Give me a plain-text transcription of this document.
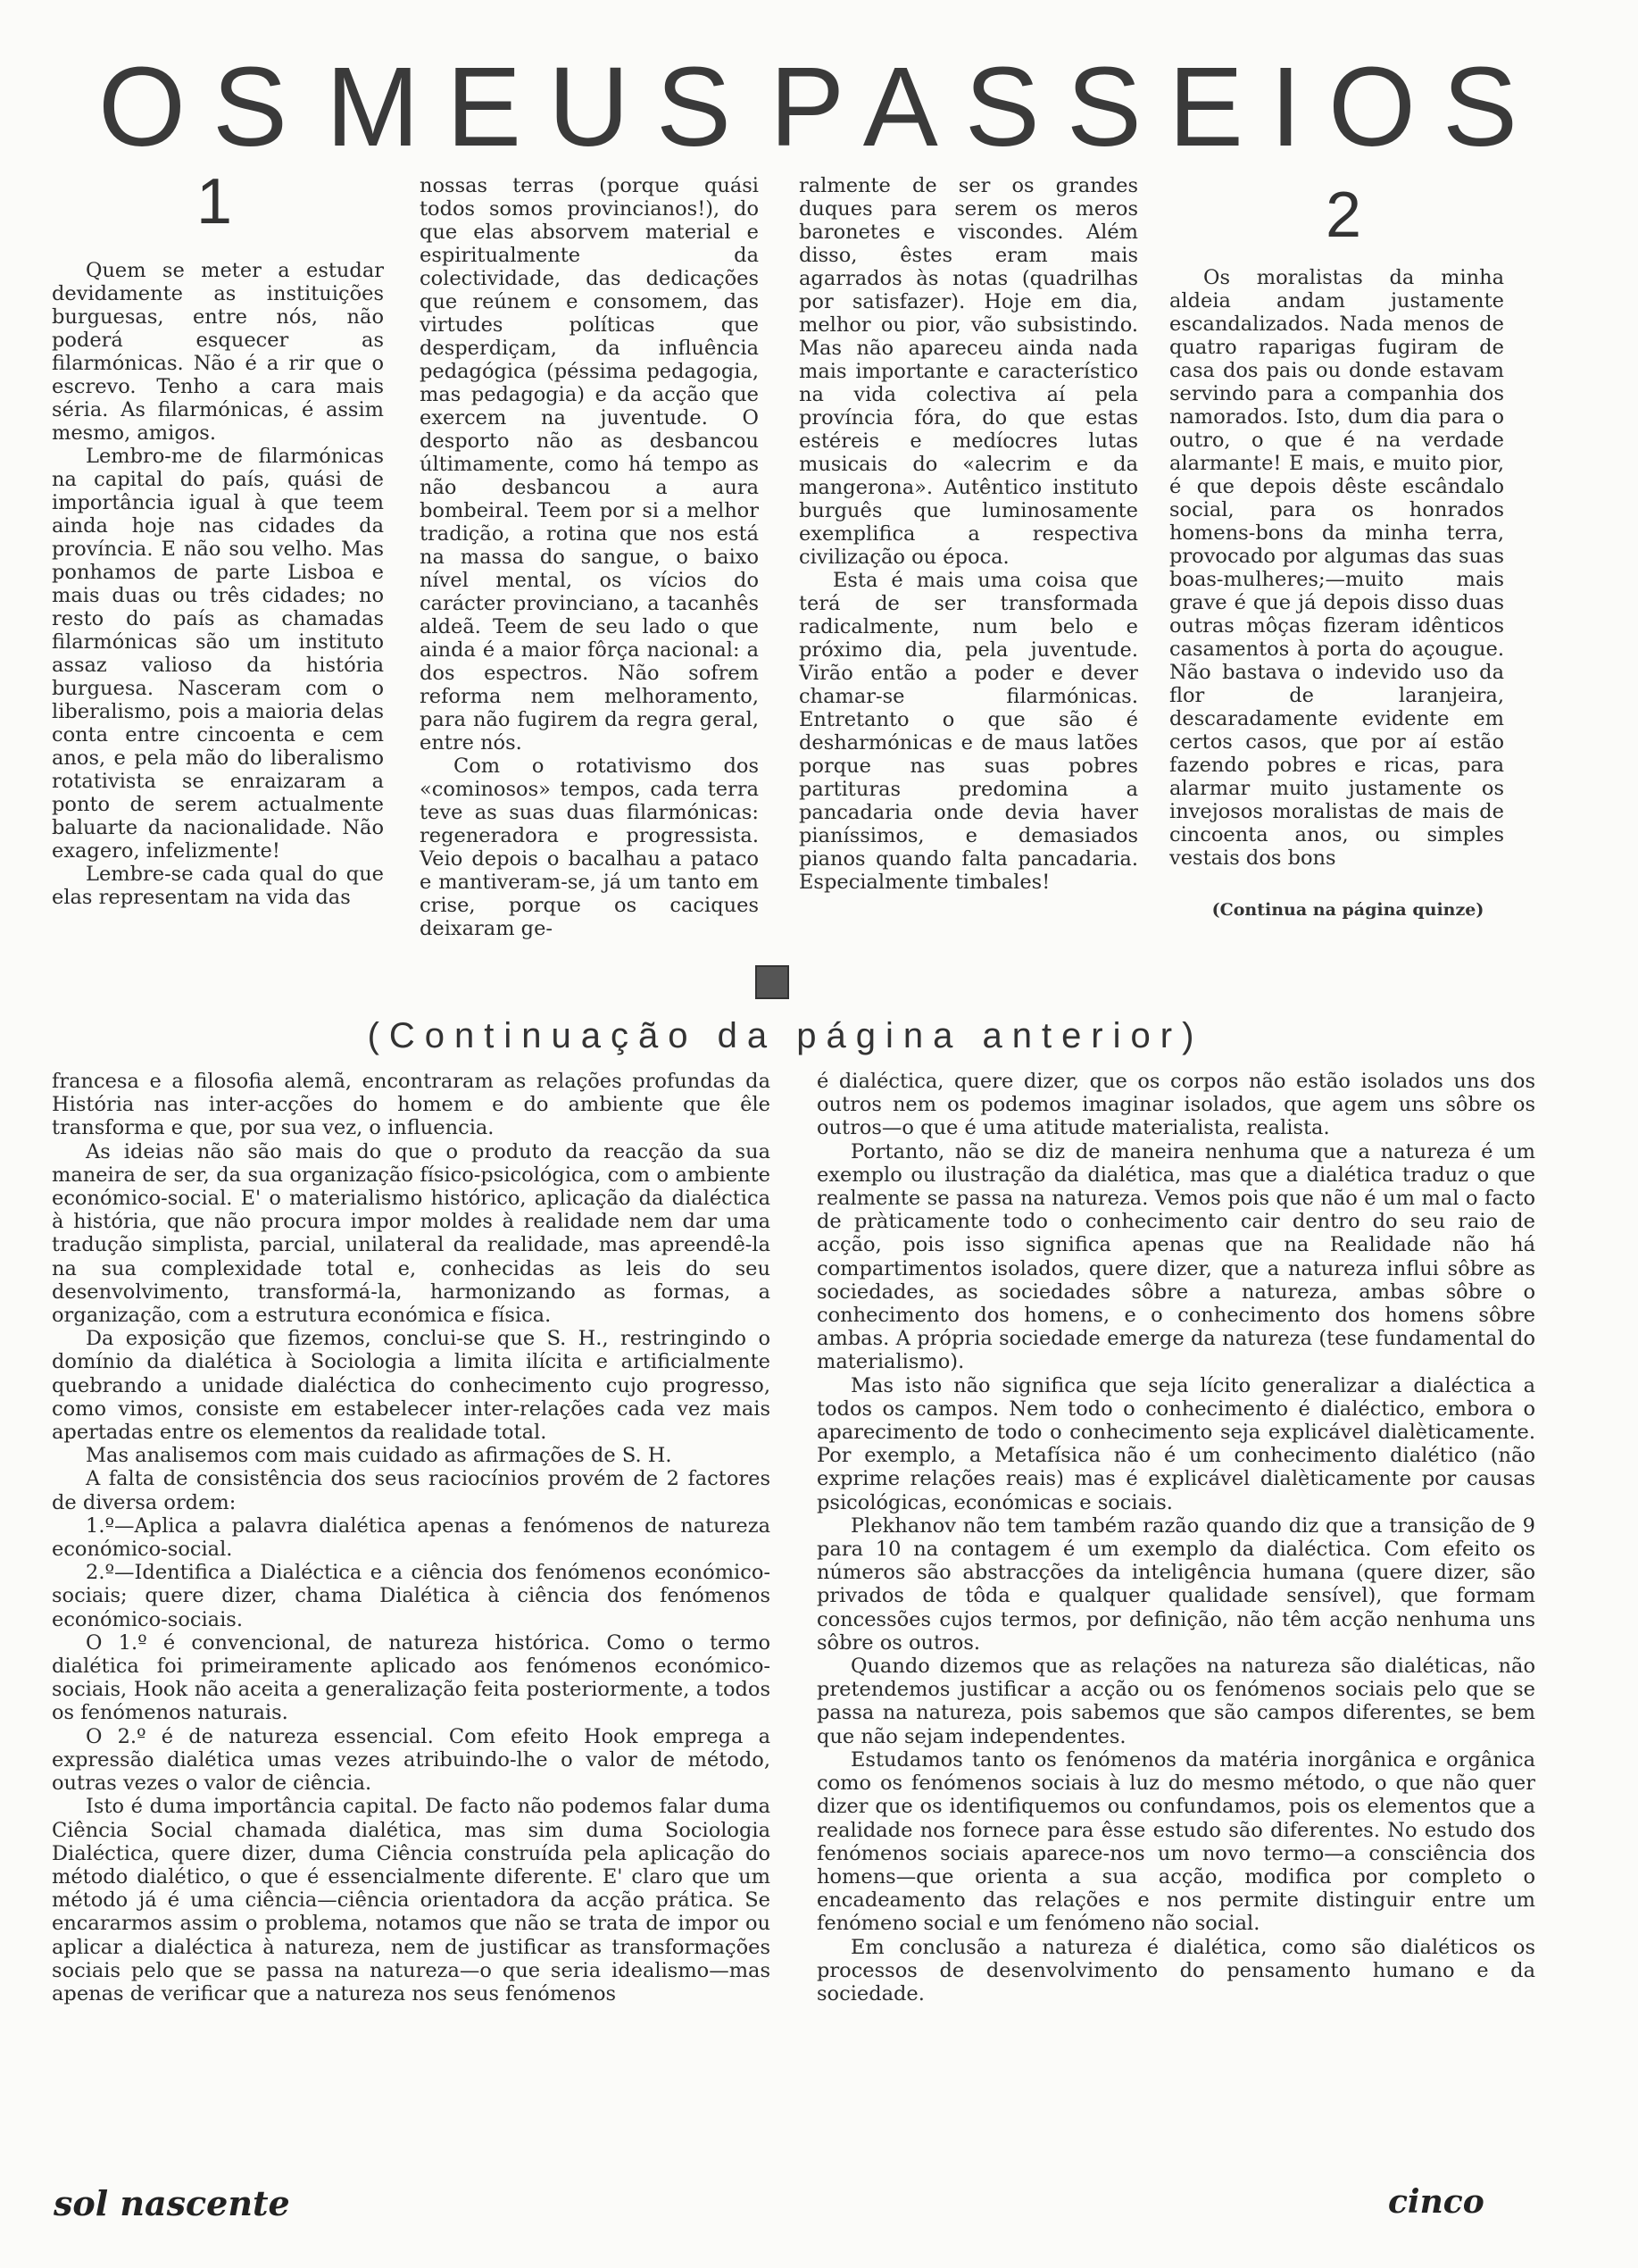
OS MEUS PASSEIOS
1	2

Quem se meter a estudar devidamente as instituições burguesas, entre nós, não poderá esquecer as filarmónicas. Não é a rir que o escrevo. Tenho a cara mais séria. As filarmónicas, é assim mesmo, amigos.

Lembro-me de filarmónicas na capital do país, quási de importância igual à que teem ainda hoje nas cidades da província. E não sou velho. Mas ponhamos de parte Lisboa e mais duas ou três cidades; no resto do país as chamadas filarmónicas são um instituto assaz valioso da história burguesa. Nasceram com o liberalismo, pois a maioria delas conta entre cincoenta e cem anos, e pela mão do liberalismo rotativista se enraizaram a ponto de serem actualmente baluarte da nacionalidade. Não exagero, infelizmente!

Lembre-se cada qual do que elas representam na vida das

nossas terras (porque quási todos somos provincianos!), do que elas absorvem material e espiritualmente da colectividade, das dedicações que reúnem e consomem, das virtudes políticas que desperdiçam, da influência pedagógica (péssima pedagogia, mas pedagogia) e da acção que exercem na juventude. O desporto não as desbancou últimamente, como há tempo as não desbancou a aura bombeiral. Teem por si a melhor tradição, a rotina que nos está na massa do sangue, o baixo nível mental, os vícios do carácter provinciano, a tacanhês aldeã. Teem de seu lado o que ainda é a maior fôrça nacional: a dos espectros. Não sofrem reforma nem melhoramento, para não fugirem da regra geral, entre nós.

Com o rotativismo dos «cominosos» tempos, cada terra teve as suas duas filarmónicas: regeneradora e progressista. Veio depois o bacalhau a pataco e mantiveram-se, já um tanto em crise, porque os caciques deixaram ge-

ralmente de ser os grandes duques para serem os meros baronetes e viscondes. Além disso, êstes eram mais agarrados às notas (quadrilhas por satisfazer). Hoje em dia, melhor ou pior, vão subsistindo. Mas não apareceu ainda nada mais importante e característico na vida colectiva aí pela província fóra, do que estas estéreis e medíocres lutas musicais do «alecrim e da mangerona». Autêntico instituto burguês que luminosamente exemplifica a respectiva civilização ou época.

Esta é mais uma coisa que terá de ser transformada radicalmente, num belo e próximo dia, pela juventude. Virão então a poder e dever chamar-se filarmónicas. Entretanto o que são é desharmónicas e de maus latões porque nas suas pobres partituras predomina a pancadaria onde devia haver pianíssimos, e demasiados pianos quando falta pancadaria. Especialmente timbales!

Os moralistas da minha aldeia andam justamente escandalizados. Nada menos de quatro raparigas fugiram de casa dos pais ou donde estavam servindo para a companhia dos namorados. Isto, dum dia para o outro, o que é na verdade alarmante! E mais, e muito pior, é que depois dêste escândalo social, para os honrados homens-bons da minha terra, provocado por algumas das suas boas-mulheres;—muito mais grave é que já depois disso duas outras môças fizeram idênticos casamentos à porta do açougue. Não bastava o indevido uso da flor de laranjeira, descaradamente evidente em certos casos, que por aí estão fazendo pobres e ricas, para alarmar muito justamente os invejosos moralistas de mais de cincoenta anos, ou simples vestais dos bons

(Continua na página quinze)
(Continuação da página anterior)

francesa e a filosofia alemã, encontraram as relações profundas da História nas inter-acções do homem e do ambiente que êle transforma e que, por sua vez, o influencia.

As ideias não são mais do que o produto da reacção da sua maneira de ser, da sua organização físico-psicológica, com o ambiente económico-social. E' o materialismo histórico, aplicação da dialéctica à história, que não procura impor moldes à realidade nem dar uma tradução simplista, parcial, unilateral da realidade, mas apreendê-la na sua complexidade total e, conhecidas as leis do seu desenvolvimento, transformá-la, harmonizando as formas, a organização, com a estrutura económica e física.

Da exposição que fizemos, conclui-se que S. H., restringindo o domínio da dialética à Sociologia a limita ilícita e artificialmente quebrando a unidade dialéctica do conhecimento cujo progresso, como vimos, consiste em estabelecer inter-relações cada vez mais apertadas entre os elementos da realidade total.

Mas analisemos com mais cuidado as afirmações de S. H.

A falta de consistência dos seus raciocínios provém de 2 factores de diversa ordem:

1.º—Aplica a palavra dialética apenas a fenómenos de natureza económico-social.

2.º—Identifica a Dialéctica e a ciência dos fenómenos económico-sociais; quere dizer, chama Dialética à ciência dos fenómenos económico-sociais.

O 1.º é convencional, de natureza histórica. Como o termo dialética foi primeiramente aplicado aos fenómenos económico-sociais, Hook não aceita a generalização feita posteriormente, a todos os fenómenos naturais.

O 2.º é de natureza essencial. Com efeito Hook emprega a expressão dialética umas vezes atribuindo-lhe o valor de método, outras vezes o valor de ciência.

Isto é duma importância capital. De facto não podemos falar duma Ciência Social chamada dialética, mas sim duma Sociologia Dialéctica, quere dizer, duma Ciência construída pela aplicação do método dialético, o que é essencialmente diferente. E' claro que um método já é uma ciência—ciência orientadora da acção prática. Se encararmos assim o problema, notamos que não se trata de impor ou aplicar a dialéctica à natureza, nem de justificar as transformações sociais pelo que se passa na natureza—o que seria idealismo—mas apenas de verificar que a natureza nos seus fenómenos

é dialéctica, quere dizer, que os corpos não estão isolados uns dos outros nem os podemos imaginar isolados, que agem uns sôbre os outros—o que é uma atitude materialista, realista.

Portanto, não se diz de maneira nenhuma que a natureza é um exemplo ou ilustração da dialética, mas que a dialética traduz o que realmente se passa na natureza. Vemos pois que não é um mal o facto de pràticamente todo o conhecimento cair dentro do seu raio de acção, pois isso significa apenas que na Realidade não há compartimentos isolados, quere dizer, que a natureza influi sôbre as sociedades, as sociedades sôbre a natureza, ambas sôbre o conhecimento dos homens, e o conhecimento dos homens sôbre ambas. A própria sociedade emerge da natureza (tese fundamental do materialismo).

Mas isto não significa que seja lícito generalizar a dialéctica a todos os campos. Nem todo o conhecimento é dialéctico, embora o aparecimento de todo o conhecimento seja explicável dialèticamente. Por exemplo, a Metafísica não é um conhecimento dialético (não exprime relações reais) mas é explicável dialèticamente por causas psicológicas, económicas e sociais.

Plekhanov não tem também razão quando diz que a transição de 9 para 10 na contagem é um exemplo da dialéctica. Com efeito os números são abstracções da inteligência humana (quere dizer, são privados de tôda e qualquer qualidade sensível), que formam concessões cujos termos, por definição, não têm acção nenhuma uns sôbre os outros.

Quando dizemos que as relações na natureza são dialéticas, não pretendemos justificar a acção ou os fenómenos sociais pelo que se passa na natureza, pois sabemos que são campos diferentes, se bem que não sejam independentes.

Estudamos tanto os fenómenos da matéria inorgânica e orgânica como os fenómenos sociais à luz do mesmo método, o que não quer dizer que os identifiquemos ou confundamos, pois os elementos que a realidade nos fornece para êsse estudo são diferentes. No estudo dos fenómenos sociais aparece-nos um novo termo—a consciência dos homens—que orienta a sua acção, modifica por completo o encadeamento das relações e nos permite distinguir entre um fenómeno social e um fenómeno não social.

Em conclusão a natureza é dialética, como são dialéticos os processos de desenvolvimento do pensamento humano e da sociedade.

sol nascente	cinco
